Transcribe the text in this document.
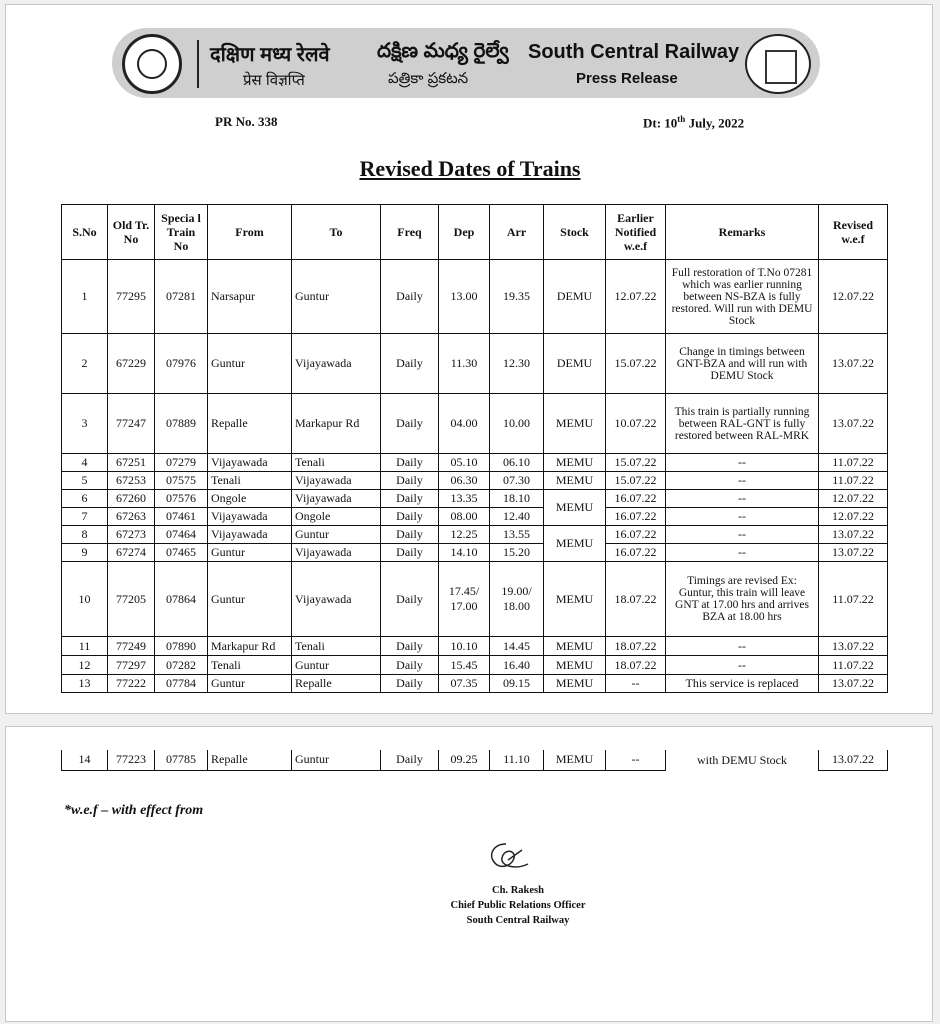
दक्षिण मध्य रेलवे దక్షిణ మధ్య రైల్వే South Central Railway
प्रेस विज्ञप्ति	పత్రికా ప్రకటన	Press Release
PR No. 338	Dt: 10th July, 2022
Revised Dates of Trains
S.No	Old Tr. No	Specia l Train No	From	To	Freq	Dep	Arr	Stock	Earlier Notified w.e.f	Remarks	Revised w.e.f
1	77295	07281	Narsapur	Guntur	Daily	13.00	19.35	DEMU	12.07.22	Full restoration of T.No 07281 which was earlier running between NS-BZA is fully restored. Will run with DEMU Stock	12.07.22
2	67229	07976	Guntur	Vijayawada	Daily	11.30	12.30	DEMU	15.07.22	Change in timings between GNT-BZA and will run with DEMU Stock	13.07.22
3	77247	07889	Repalle	Markapur Rd	Daily	04.00	10.00	MEMU	10.07.22	This train is partially running between RAL-GNT is fully restored between RAL-MRK	13.07.22
4	67251	07279	Vijayawada	Tenali	Daily	05.10	06.10	MEMU	15.07.22	--	11.07.22
5	67253	07575	Tenali	Vijayawada	Daily	06.30	07.30	MEMU	15.07.22	--	11.07.22
6	67260	07576	Ongole	Vijayawada	Daily	13.35	18.10	MEMU	16.07.22	--	12.07.22
7	67263	07461	Vijayawada	Ongole	Daily	08.00	12.40		16.07.22	--	12.07.22
8	67273	07464	Vijayawada	Guntur	Daily	12.25	13.55	MEMU	16.07.22	--	13.07.22
9	67274	07465	Guntur	Vijayawada	Daily	14.10	15.20		16.07.22	--	13.07.22
10	77205	07864	Guntur	Vijayawada	Daily	17.45/ 17.00	19.00/ 18.00	MEMU	18.07.22	Timings are revised Ex: Guntur, this train will leave GNT at 17.00 hrs and arrives BZA at 18.00 hrs	11.07.22
11	77249	07890	Markapur Rd	Tenali	Daily	10.10	14.45	MEMU	18.07.22	--	13.07.22
12	77297	07282	Tenali	Guntur	Daily	15.45	16.40	MEMU	18.07.22	--	11.07.22
13	77222	07784	Guntur	Repalle	Daily	07.35	09.15	MEMU	--	This service is replaced	13.07.22
14	77223	07785	Repalle	Guntur	Daily	09.25	11.10	MEMU	--	with DEMU Stock	13.07.22
*w.e.f – with effect from
Ch. Rakesh
Chief Public Relations Officer
South Central Railway
